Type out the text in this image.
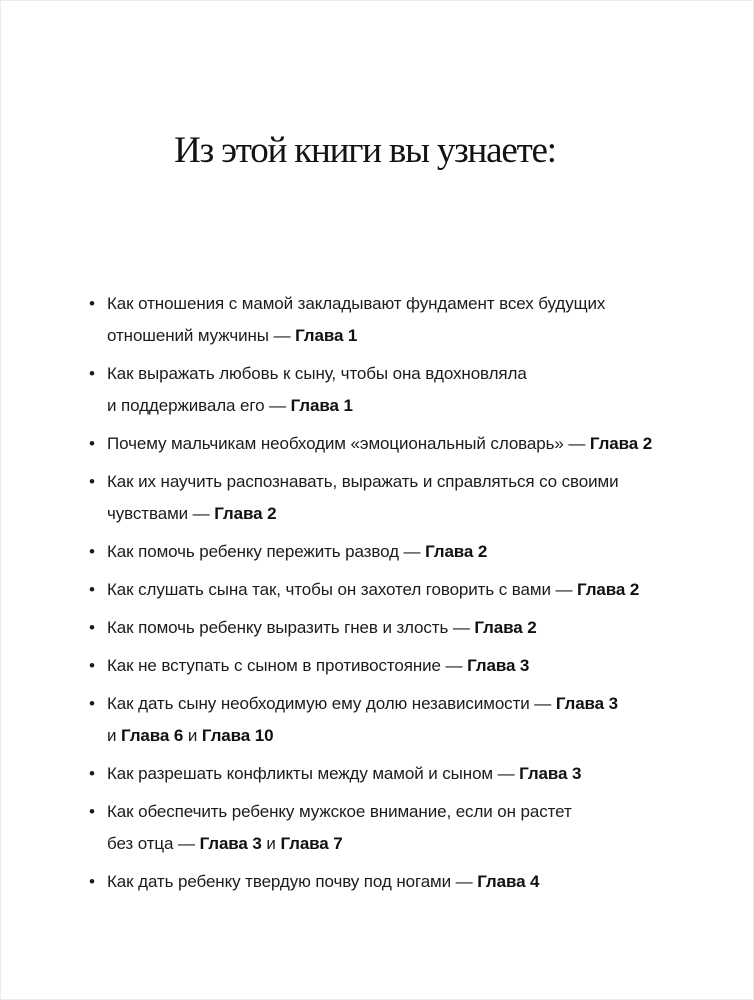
Из этой книги вы узнаете:
• Как отношения с мамой закладывают фундамент всех будущих
отношений мужчины — Глава 1
• Как выражать любовь к сыну, чтобы она вдохновляла
и поддерживала его — Глава 1
• Почему мальчикам необходим «эмоциональный словарь» — Глава 2
• Как их научить распознавать, выражать и справляться со своими
чувствами — Глава 2
• Как помочь ребенку пережить развод — Глава 2
• Как слушать сына так, чтобы он захотел говорить с вами — Глава 2
• Как помочь ребенку выразить гнев и злость — Глава 2
• Как не вступать с сыном в противостояние — Глава 3
• Как дать сыну необходимую ему долю независимости — Глава 3
и Глава 6 и Глава 10
• Как разрешать конфликты между мамой и сыном — Глава 3
• Как обеспечить ребенку мужское внимание, если он растет
без отца — Глава 3 и Глава 7
• Как дать ребенку твердую почву под ногами — Глава 4
